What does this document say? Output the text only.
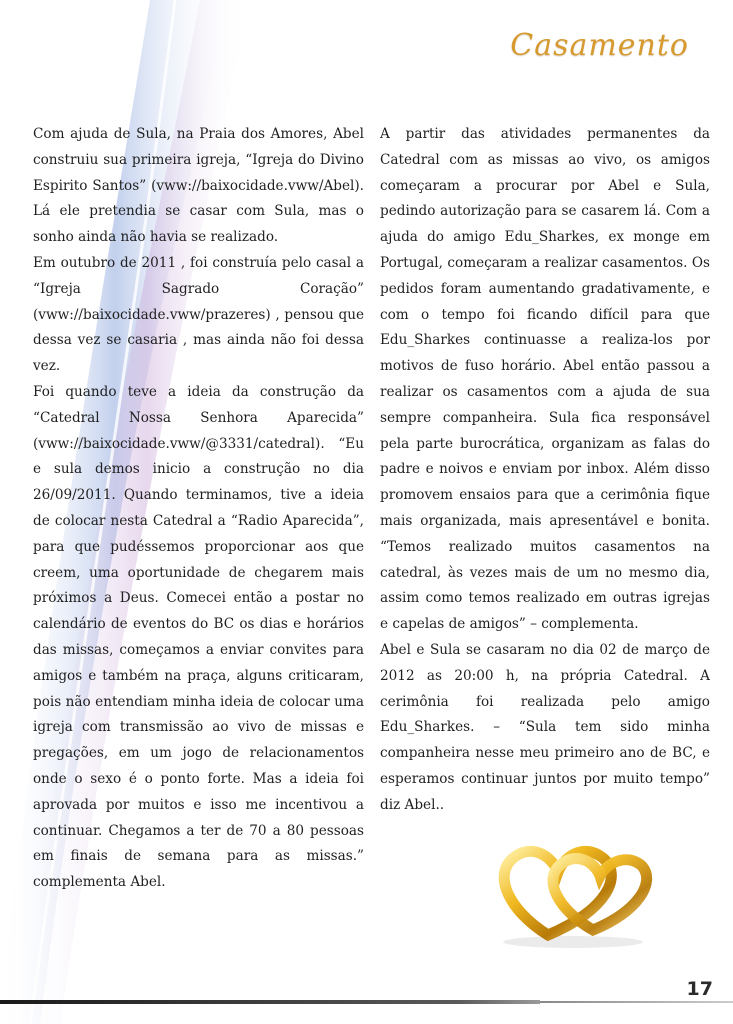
Casamento

Com ajuda de Sula, na Praia dos Amores, Abel construiu sua primeira igreja, “Igreja do Divino Espirito Santos” (vww://baixocidade.vww/Abel). Lá ele pretendia se casar com Sula, mas o sonho ainda não havia se realizado.

Em outubro de 2011 , foi construía pelo casal a “Igreja Sagrado Coração” (vww://baixocidade.vww/prazeres) , pensou que dessa vez se casaria , mas ainda não foi dessa vez.

Foi quando teve a ideia da construção da “Catedral Nossa Senhora Aparecida” (vww://baixocidade.vww/@3331/catedral). “Eu e sula demos inicio a construção no dia 26/09/2011. Quando terminamos, tive a ideia de colocar nesta Catedral a “Radio Aparecida”, para que pudéssemos proporcionar aos que creem, uma oportunidade de chegarem mais próximos a Deus. Comecei então a postar no calendário de eventos do BC os dias e horários das missas, começamos a enviar convites para amigos e também na praça, alguns criticaram, pois não entendiam minha ideia de colocar uma igreja com transmissão ao vivo de missas e pregações, em um jogo de relacionamentos onde o sexo é o ponto forte. Mas a ideia foi aprovada por muitos e isso me incentivou a continuar. Chegamos a ter de 70 a 80 pessoas em finais de semana para as missas.” complementa Abel.

A partir das atividades permanentes da Catedral com as missas ao vivo, os amigos começaram a procurar por Abel e Sula, pedindo autorização para se casarem lá. Com a ajuda do amigo Edu_Sharkes, ex monge em Portugal, começaram a realizar casamentos. Os pedidos foram aumentando gradativamente, e com o tempo foi ficando difícil para que Edu_Sharkes continuasse a realiza-los por motivos de fuso horário. Abel então passou a realizar os casamentos com a ajuda de sua sempre companheira. Sula fica responsável pela parte burocrática, organizam as falas do padre e noivos e enviam por inbox. Além disso promovem ensaios para que a cerimônia fique mais organizada, mais apresentável e bonita. “Temos realizado muitos casamentos na catedral, às vezes mais de um no mesmo dia, assim como temos realizado em outras igrejas e capelas de amigos” – complementa.

Abel e Sula se casaram no dia 02 de março de 2012 as 20:00 h, na própria Catedral. A cerimônia foi realizada pelo amigo Edu_Sharkes. – “Sula tem sido minha companheira nesse meu primeiro ano de BC, e esperamos continuar juntos por muito tempo” diz Abel..

17
